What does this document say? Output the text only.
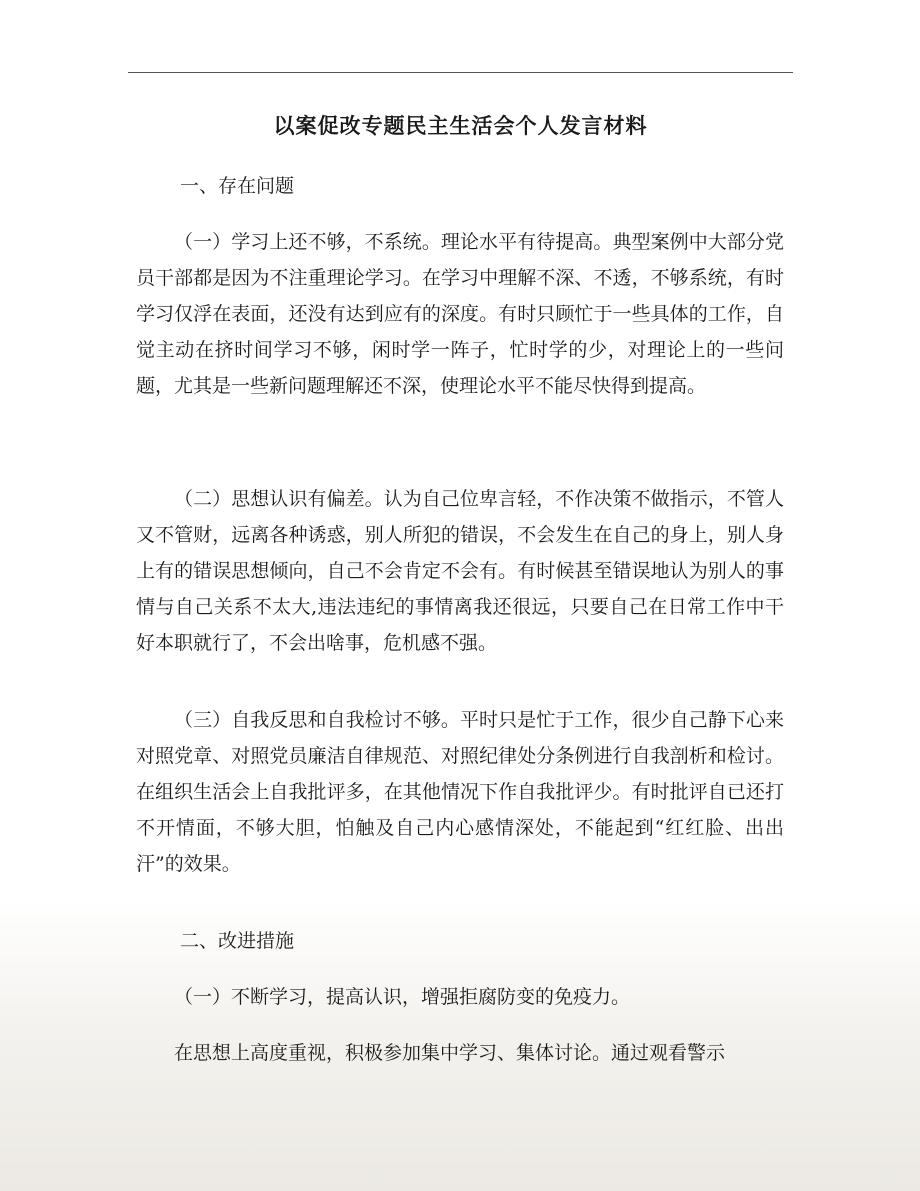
以案促改专题民主生活会个人发言材料

一、存在问题

（一）学习上还不够，不系统。理论水平有待提高。典型案例中大部分党员干部都是因为不注重理论学习。在学习中理解不深、不透，不够系统，有时学习仅浮在表面，还没有达到应有的深度。有时只顾忙于一些具体的工作，自觉主动在挤时间学习不够，闲时学一阵子，忙时学的少，对理论上的一些问题，尤其是一些新问题理解还不深，使理论水平不能尽快得到提高。

（二）思想认识有偏差。认为自己位卑言轻，不作决策不做指示，不管人又不管财，远离各种诱惑，别人所犯的错误，不会发生在自己的身上，别人身上有的错误思想倾向，自己不会肯定不会有。有时候甚至错误地认为别人的事情与自己关系不太大,违法违纪的事情离我还很远，只要自己在日常工作中干好本职就行了，不会出啥事，危机感不强。

（三）自我反思和自我检讨不够。平时只是忙于工作，很少自己静下心来对照党章、对照党员廉洁自律规范、对照纪律处分条例进行自我剖析和检讨。在组织生活会上自我批评多，在其他情况下作自我批评少。有时批评自已还打不开情面，不够大胆，怕触及自己内心感情深处，不能起到“红红脸、出出汗”的效果。

二、改进措施

（一）不断学习，提高认识，增强拒腐防变的免疫力。

在思想上高度重视，积极参加集中学习、集体讨论。通过观看警示
